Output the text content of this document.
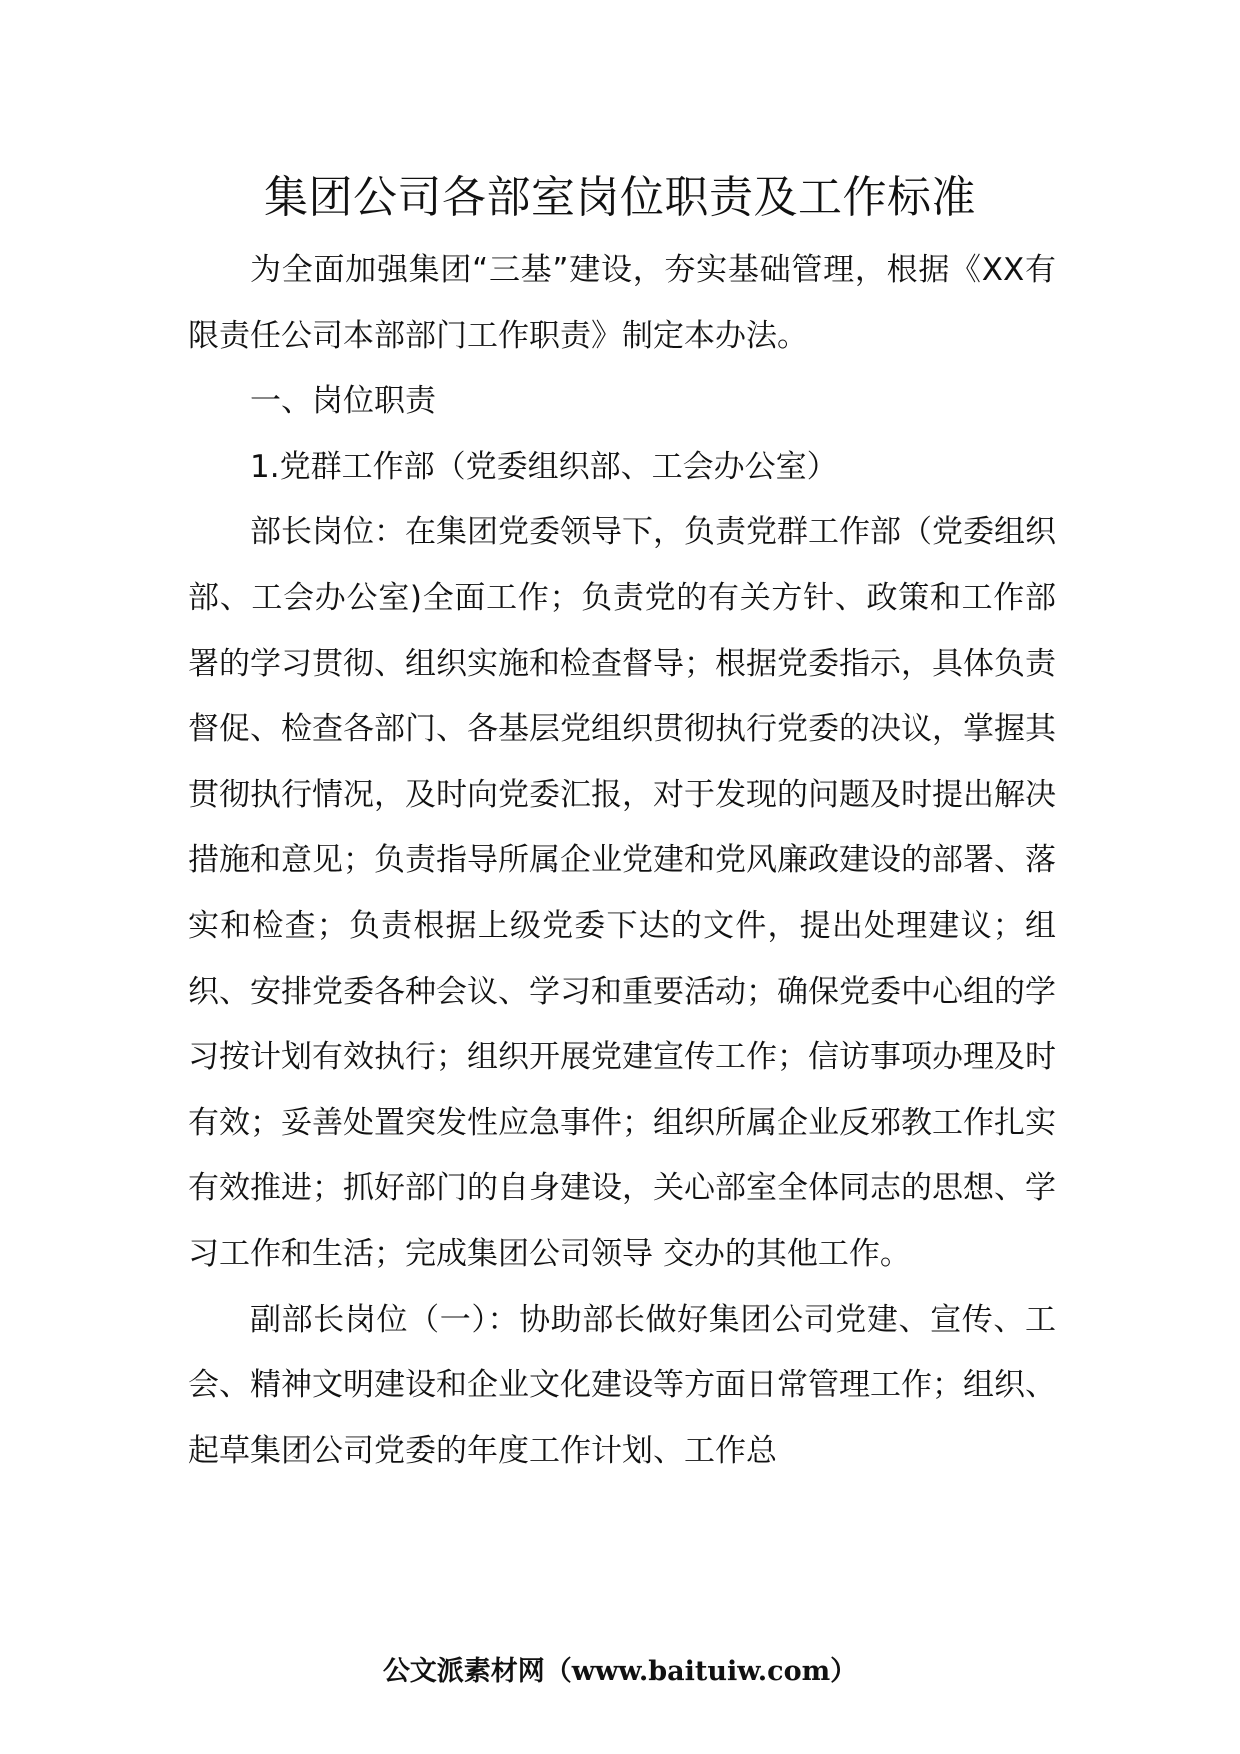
集团公司各部室岗位职责及工作标准

为全面加强集团“三基”建设，夯实基础管理，根据《XX有限责任公司本部部门工作职责》制定本办法。

一、岗位职责

1.党群工作部（党委组织部、工会办公室）

部长岗位：在集团党委领导下，负责党群工作部（党委组织部、工会办公室)全面工作；负责党的有关方针、政策和工作部署的学习贯彻、组织实施和检查督导；根据党委指示，具体负责督促、检查各部门、各基层党组织贯彻执行党委的决议，掌握其贯彻执行情况，及时向党委汇报，对于发现的问题及时提出解决措施和意见；负责指导所属企业党建和党风廉政建设的部署、落实和检查；负责根据上级党委下达的文件，提出处理建议；组织、安排党委各种会议、学习和重要活动；确保党委中心组的学习按计划有效执行；组织开展党建宣传工作；信访事项办理及时有效；妥善处置突发性应急事件；组织所属企业反邪教工作扎实有效推进；抓好部门的自身建设，关心部室全体同志的思想、学习工作和生活；完成集团公司领导 交办的其他工作。

副部长岗位（一）：协助部长做好集团公司党建、宣传、工会、精神文明建设和企业文化建设等方面日常管理工作；组织、起草集团公司党委的年度工作计划、工作总

公文派素材网（www.baituiw.com）
